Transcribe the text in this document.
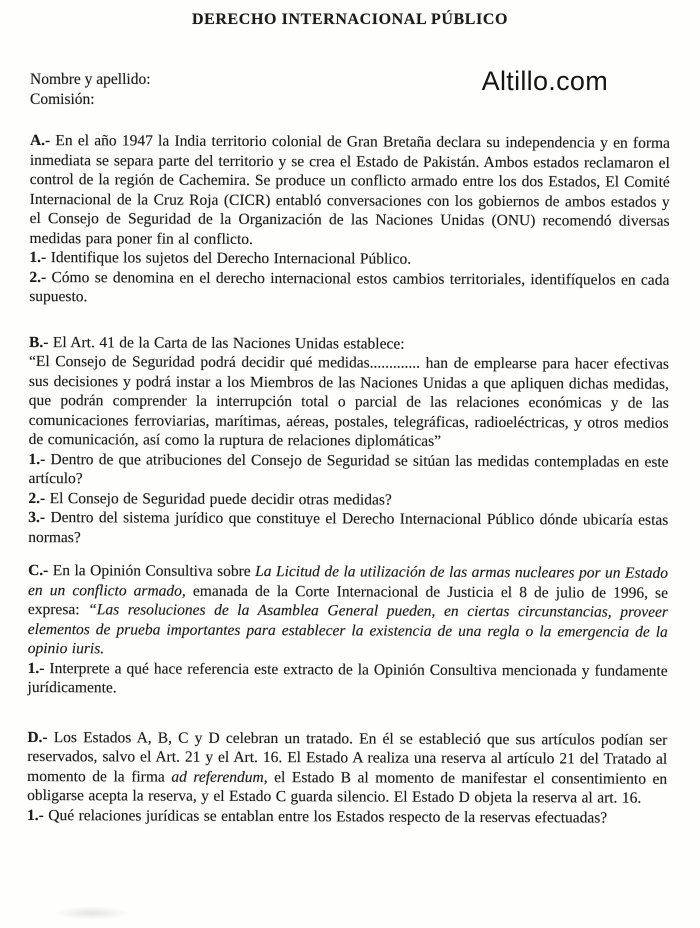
DERECHO INTERNACIONAL PÚBLICO
Nombre y apellido:
Comisión:
Altillo.com

A.- En el año 1947 la India territorio colonial de Gran Bretaña declara su independencia y en forma inmediata se separa parte del territorio y se crea el Estado de Pakistán. Ambos estados reclamaron el control de la región de Cachemira. Se produce un conflicto armado entre los dos Estados, El Comité Internacional de la Cruz Roja (CICR) entabló conversaciones con los gobiernos de ambos estados y el Consejo de Seguridad de la Organización de las Naciones Unidas (ONU) recomendó diversas medidas para poner fin al conflicto.

1.- Identifique los sujetos del Derecho Internacional Público.

2.- Cómo se denomina en el derecho internacional estos cambios territoriales, identifíquelos en cada supuesto.

B.- El Art. 41 de la Carta de las Naciones Unidas establece:

“El Consejo de Seguridad podrá decidir qué medidas............. han de emplearse para hacer efectivas sus decisiones y podrá instar a los Miembros de las Naciones Unidas a que apliquen dichas medidas, que podrán comprender la interrupción total o parcial de las relaciones económicas y de las comunicaciones ferroviarias, marítimas, aéreas, postales, telegráficas, radioeléctricas, y otros medios de comunicación, así como la ruptura de relaciones diplomáticas”

1.- Dentro de que atribuciones del Consejo de Seguridad se sitúan las medidas contempladas en este artículo?

2.- El Consejo de Seguridad puede decidir otras medidas?

3.- Dentro del sistema jurídico que constituye el Derecho Internacional Público dónde ubicaría estas normas?

C.- En la Opinión Consultiva sobre La Licitud de la utilización de las armas nucleares por un Estado en un conflicto armado, emanada de la Corte Internacional de Justicia el 8 de julio de 1996, se expresa: “Las resoluciones de la Asamblea General pueden, en ciertas circunstancias, proveer elementos de prueba importantes para establecer la existencia de una regla o la emergencia de la opinio iuris.

1.- Interprete a qué hace referencia este extracto de la Opinión Consultiva mencionada y fundamente jurídicamente.

D.- Los Estados A, B, C y D celebran un tratado. En él se estableció que sus artículos podían ser reservados, salvo el Art. 21 y el Art. 16. El Estado A realiza una reserva al artículo 21 del Tratado al momento de la firma ad referendum, el Estado B al momento de manifestar el consentimiento en obligarse acepta la reserva, y el Estado C guarda silencio. El Estado D objeta la reserva al art. 16.

1.- Qué relaciones jurídicas se entablan entre los Estados respecto de la reservas efectuadas?
